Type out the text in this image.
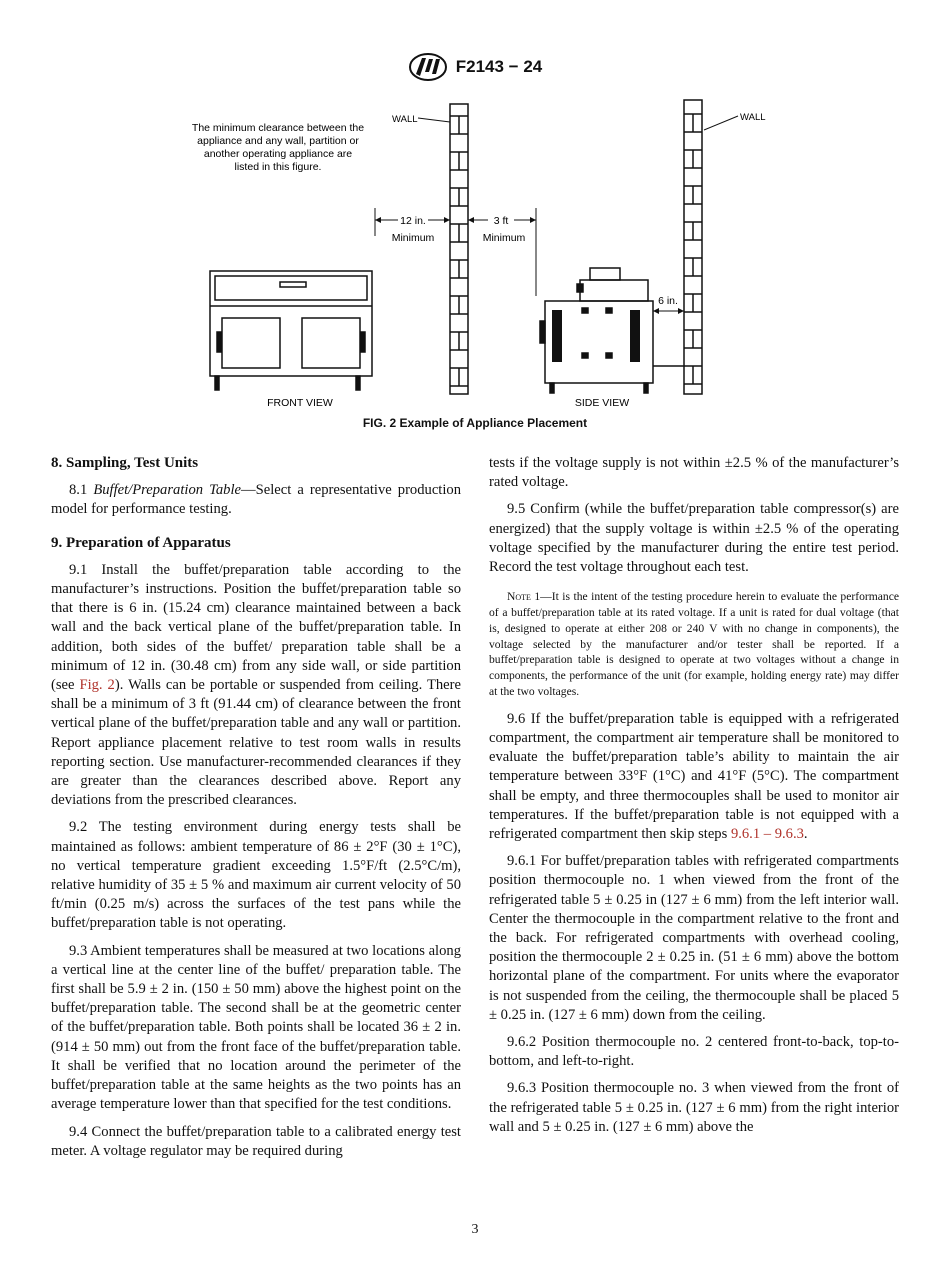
F2143 − 24
The minimum clearance between the
appliance and any wall, partition or
another operating appliance are
listed in this figure.
WALL	WALL
12 in.
Minimum
3 ft
Minimum
FRONT VIEW
6 in.
SIDE VIEW
FIG. 2 Example of Appliance Placement
8. Sampling, Test Units

8.1 Buffet/Preparation Table—Select a representative production model for performance testing.

9. Preparation of Apparatus

9.1 Install the buffet/preparation table according to the manufacturer’s instructions. Position the buffet/preparation table so that there is 6 in. (15.24 cm) clearance maintained between a back wall and the back vertical plane of the buffet/preparation table. In addition, both sides of the buffet/ preparation table shall be a minimum of 12 in. (30.48 cm) from any side wall, or side partition (see Fig. 2). Walls can be portable or suspended from ceiling. There shall be a minimum of 3 ft (91.44 cm) of clearance between the front vertical plane of the buffet/preparation table and any wall or partition. Report appliance placement relative to test room walls in results reporting section. Use manufacturer-recommended clearances if they are greater than the clearances described above. Report any deviations from the prescribed clearances.

9.2 The testing environment during energy tests shall be maintained as follows: ambient temperature of 86 ± 2°F (30 ± 1°C), no vertical temperature gradient exceeding 1.5°F/ft (2.5°C/m), relative humidity of 35 ± 5 % and maximum air current velocity of 50 ft/min (0.25 m/s) across the surfaces of the test pans while the buffet/preparation table is not operating.

9.3 Ambient temperatures shall be measured at two locations along a vertical line at the center line of the buffet/ preparation table. The first shall be 5.9 ± 2 in. (150 ± 50 mm) above the highest point on the buffet/preparation table. The second shall be at the geometric center of the buffet/preparation table. Both points shall be located 36 ± 2 in. (914 ± 50 mm) out from the front face of the buffet/preparation table. It shall be verified that no location around the perimeter of the buffet/preparation table at the same heights as the two points has an average temperature lower than that specified for the test conditions.

9.4 Connect the buffet/preparation table to a calibrated energy test meter. A voltage regulator may be required during

tests if the voltage supply is not within ±2.5 % of the manufacturer’s rated voltage.

9.5 Confirm (while the buffet/preparation table compressor(s) are energized) that the supply voltage is within ±2.5 % of the operating voltage specified by the manufacturer during the entire test period. Record the test voltage throughout each test.

Note 1—It is the intent of the testing procedure herein to evaluate the performance of a buffet/preparation table at its rated voltage. If a unit is rated for dual voltage (that is, designed to operate at either 208 or 240 V with no change in components), the voltage selected by the manufacturer and/or tester shall be reported. If a buffet/preparation table is designed to operate at two voltages without a change in components, the performance of the unit (for example, holding energy rate) may differ at the two voltages.

9.6 If the buffet/preparation table is equipped with a refrigerated compartment, the compartment air temperature shall be monitored to evaluate the buffet/preparation table’s ability to maintain the air temperature between 33°F (1°C) and 41°F (5°C). The compartment shall be empty, and three thermocouples shall be used to monitor air temperatures. If the buffet/preparation table is not equipped with a refrigerated compartment then skip steps 9.6.1 – 9.6.3.

9.6.1 For buffet/preparation tables with refrigerated compartments position thermocouple no. 1 when viewed from the front of the refrigerated table 5 ± 0.25 in (127 ± 6 mm) from the left interior wall. Center the thermocouple in the compartment relative to the front and the back. For refrigerated compartments with overhead cooling, position the thermocouple 2 ± 0.25 in. (51 ± 6 mm) above the bottom horizontal plane of the compartment. For units where the evaporator is not suspended from the ceiling, the thermocouple shall be placed 5 ± 0.25 in. (127 ± 6 mm) down from the ceiling.

9.6.2 Position thermocouple no. 2 centered front-to-back, top-to-bottom, and left-to-right.

9.6.3 Position thermocouple no. 3 when viewed from the front of the refrigerated table 5 ± 0.25 in. (127 ± 6 mm) from the right interior wall and 5 ± 0.25 in. (127 ± 6 mm) above the

3
